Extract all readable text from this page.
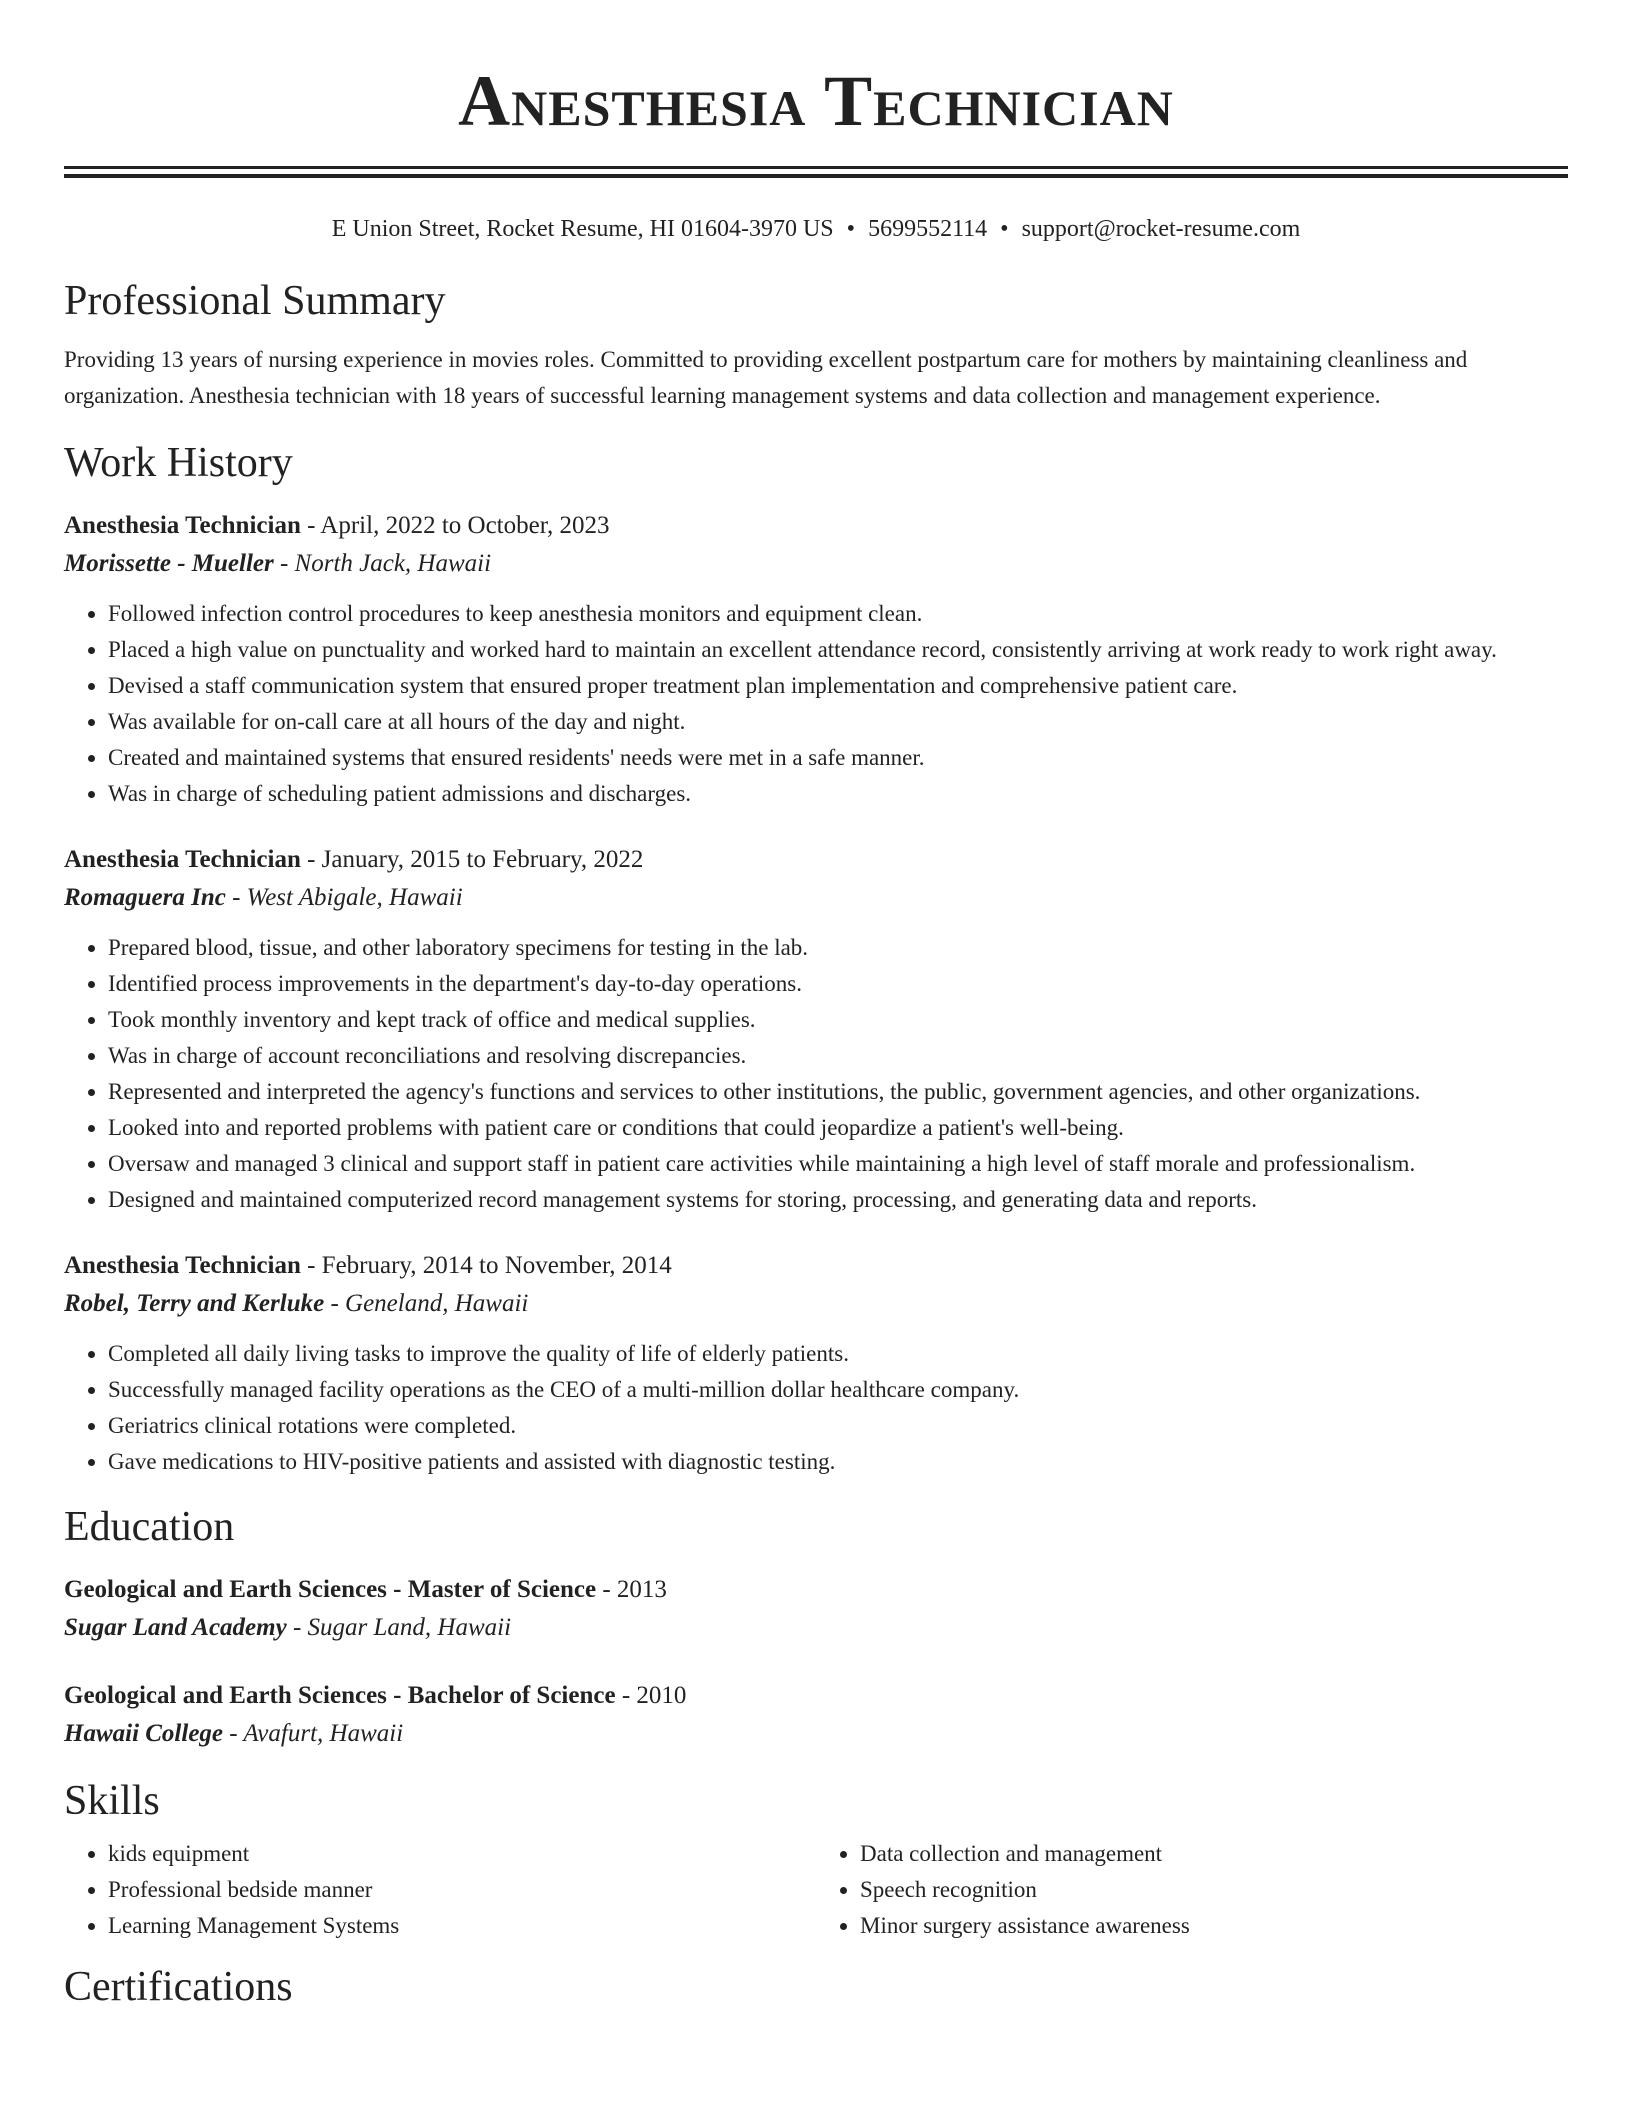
Anesthesia Technician
E Union Street, Rocket Resume, HI 01604-3970 US • 5699552114 • support@rocket-resume.com
Professional Summary
Providing 13 years of nursing experience in movies roles. Committed to providing excellent postpartum care for mothers by maintaining cleanliness and organization. Anesthesia technician with 18 years of successful learning management systems and data collection and management experience.
Work History
Anesthesia Technician - April, 2022 to October, 2023
Morissette - Mueller - North Jack, Hawaii
• Followed infection control procedures to keep anesthesia monitors and equipment clean.
• Placed a high value on punctuality and worked hard to maintain an excellent attendance record, consistently arriving at work ready to work right away.
• Devised a staff communication system that ensured proper treatment plan implementation and comprehensive patient care.
• Was available for on-call care at all hours of the day and night.
• Created and maintained systems that ensured residents' needs were met in a safe manner.
• Was in charge of scheduling patient admissions and discharges.
Anesthesia Technician - January, 2015 to February, 2022
Romaguera Inc - West Abigale, Hawaii
• Prepared blood, tissue, and other laboratory specimens for testing in the lab.
• Identified process improvements in the department's day-to-day operations.
• Took monthly inventory and kept track of office and medical supplies.
• Was in charge of account reconciliations and resolving discrepancies.
• Represented and interpreted the agency's functions and services to other institutions, the public, government agencies, and other organizations.
• Looked into and reported problems with patient care or conditions that could jeopardize a patient's well-being.
• Oversaw and managed 3 clinical and support staff in patient care activities while maintaining a high level of staff morale and professionalism.
• Designed and maintained computerized record management systems for storing, processing, and generating data and reports.
Anesthesia Technician - February, 2014 to November, 2014
Robel, Terry and Kerluke - Geneland, Hawaii
• Completed all daily living tasks to improve the quality of life of elderly patients.
• Successfully managed facility operations as the CEO of a multi-million dollar healthcare company.
• Geriatrics clinical rotations were completed.
• Gave medications to HIV-positive patients and assisted with diagnostic testing.
Education
Geological and Earth Sciences - Master of Science - 2013
Sugar Land Academy - Sugar Land, Hawaii
Geological and Earth Sciences - Bachelor of Science - 2010
Hawaii College - Avafurt, Hawaii
Skills
• kids equipment
• Professional bedside manner
• Learning Management Systems
• Data collection and management
• Speech recognition
• Minor surgery assistance awareness
Certifications
